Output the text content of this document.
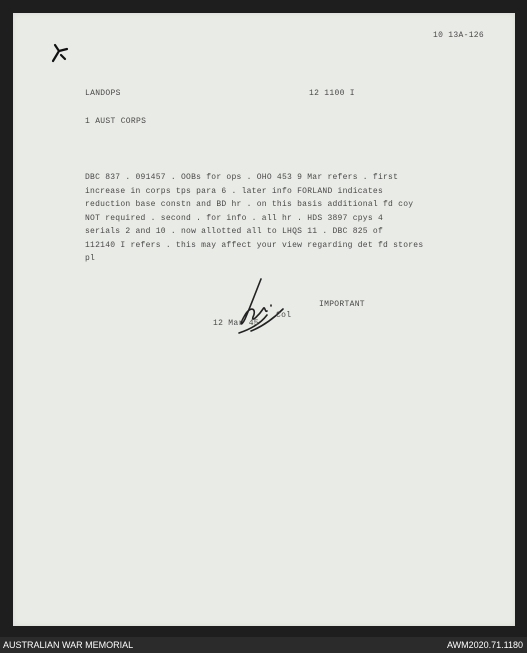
10 13A-126
LANDOPS	12 1100 I
1 AUST CORPS
DBC 837 . 091457 . OOBs for ops . OHO 453 9 Mar refers . first
increase in corps tps para 6 . later info FORLAND indicates
reduction base constn and BD hr . on this basis additional fd coy
NOT required . second . for info . all hr . HDS 3897 cpys 4
serials 2 and 10 . now allotted all to LHQS 11 . DBC 825 of
112140 I refers . this may affect your view regarding det fd stores
pl
IMPORTANT
Col
12 Mar 45
AUSTRALIAN WAR MEMORIAL	AWM2020.71.1180
